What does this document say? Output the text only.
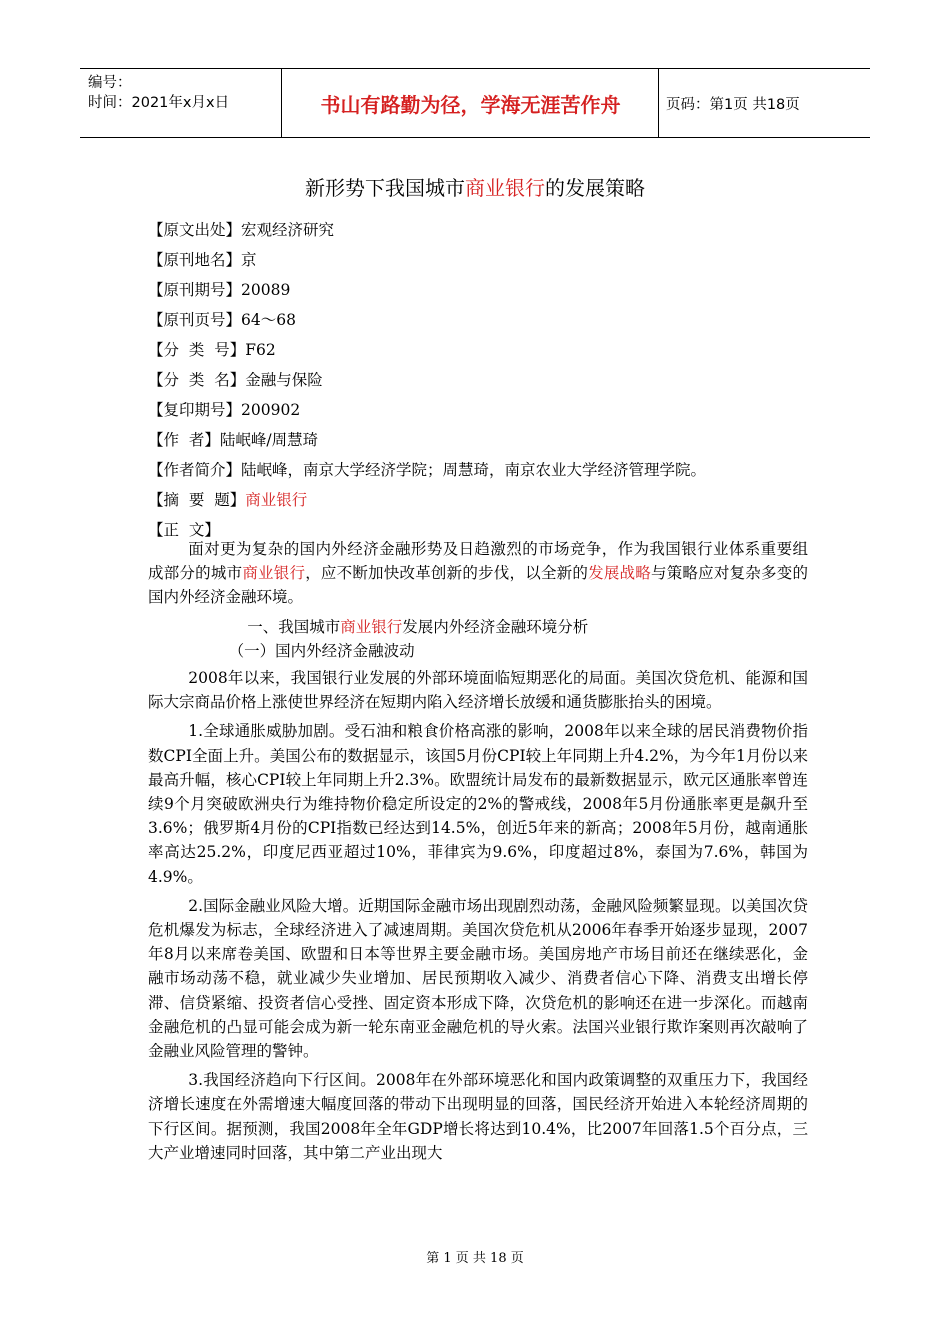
编号：
时间：2021年x月x日	书山有路勤为径，学海无涯苦作舟	页码：第1页 共18页
新形势下我国城市商业银行的发展策略
【原文出处】宏观经济研究
【原刊地名】京
【原刊期号】20089
【原刊页号】64～68
【分  类  号】F62
【分  类  名】金融与保险
【复印期号】200902
【作  者】陆岷峰/周慧琦
【作者简介】陆岷峰，南京大学经济学院；周慧琦，南京农业大学经济管理学院。
【摘  要  题】商业银行
【正  文】

面对更为复杂的国内外经济金融形势及日趋激烈的市场竞争，作为我国银行业体系重要组成部分的城市商业银行，应不断加快改革创新的步伐，以全新的发展战略与策略应对复杂多变的国内外经济金融环境。

一、我国城市商业银行发展内外经济金融环境分析

（一）国内外经济金融波动

2008年以来，我国银行业发展的外部环境面临短期恶化的局面。美国次贷危机、能源和国际大宗商品价格上涨使世界经济在短期内陷入经济增长放缓和通货膨胀抬头的困境。

1.全球通胀威胁加剧。受石油和粮食价格高涨的影响，2008年以来全球的居民消费物价指数CPI全面上升。美国公布的数据显示，该国5月份CPI较上年同期上升4.2%，为今年1月份以来最高升幅，核心CPI较上年同期上升2.3%。欧盟统计局发布的最新数据显示，欧元区通胀率曾连续9个月突破欧洲央行为维持物价稳定所设定的2%的警戒线，2008年5月份通胀率更是飙升至3.6%；俄罗斯4月份的CPI指数已经达到14.5%，创近5年来的新高；2008年5月份，越南通胀率高达25.2%，印度尼西亚超过10%，菲律宾为9.6%，印度超过8%，泰国为7.6%，韩国为4.9%。

2.国际金融业风险大增。近期国际金融市场出现剧烈动荡，金融风险频繁显现。以美国次贷危机爆发为标志，全球经济进入了减速周期。美国次贷危机从2006年春季开始逐步显现，2007年8月以来席卷美国、欧盟和日本等世界主要金融市场。美国房地产市场目前还在继续恶化，金融市场动荡不稳，就业减少失业增加、居民预期收入减少、消费者信心下降、消费支出增长停滞、信贷紧缩、投资者信心受挫、固定资本形成下降，次贷危机的影响还在进一步深化。而越南金融危机的凸显可能会成为新一轮东南亚金融危机的导火索。法国兴业银行欺诈案则再次敲响了金融业风险管理的警钟。

3.我国经济趋向下行区间。2008年在外部环境恶化和国内政策调整的双重压力下，我国经济增长速度在外需增速大幅度回落的带动下出现明显的回落，国民经济开始进入本轮经济周期的下行区间。据预测，我国2008年全年GDP增长将达到10.4%，比2007年回落1.5个百分点，三大产业增速同时回落，其中第二产业出现大

第 1 页 共 18 页
